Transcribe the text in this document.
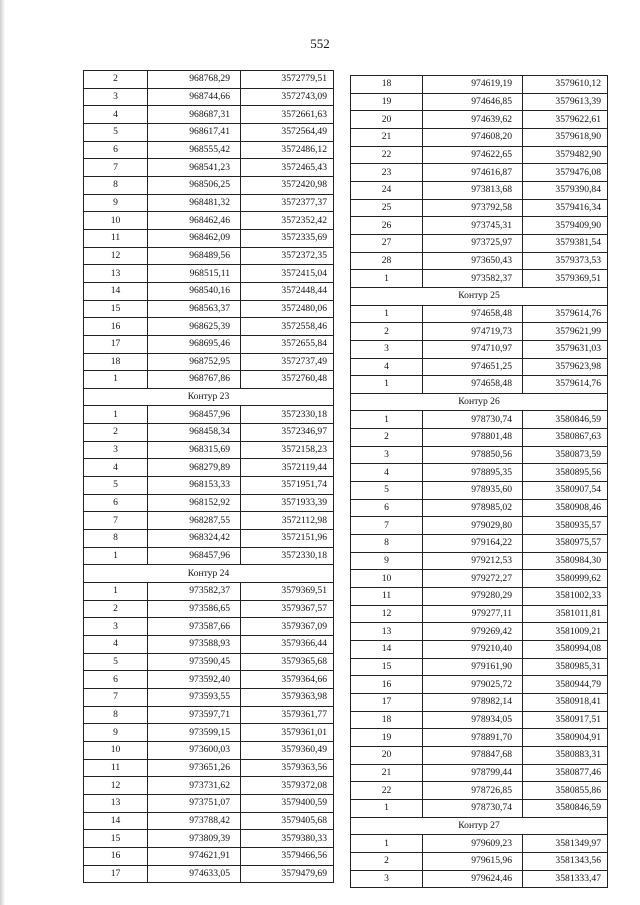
552
2	968768,29	3572779,51
3	968744,66	3572743,09
4	968687,31	3572661,63
5	968617,41	3572564,49
6	968555,42	3572486,12
7	968541,23	3572465,43
8	968506,25	3572420,98
9	968481,32	3572377,37
10	968462,46	3572352,42
11	968462,09	3572335,69
12	968489,56	3572372,35
13	968515,11	3572415,04
14	968540,16	3572448,44
15	968563,37	3572480,06
16	968625,39	3572558,46
17	968695,46	3572655,84
18	968752,95	3572737,49
1	968767,86	3572760,48
Контур 23		
1	968457,96	3572330,18
2	968458,34	3572346,97
3	968315,69	3572158,23
4	968279,89	3572119,44
5	968153,33	3571951,74
6	968152,92	3571933,39
7	968287,55	3572112,98
8	968324,42	3572151,96
1	968457,96	3572330,18
Контур 24		
1	973582,37	3579369,51
2	973586,65	3579367,57
3	973587,66	3579367,09
4	973588,93	3579366,44
5	973590,45	3579365,68
6	973592,40	3579364,66
7	973593,55	3579363,98
8	973597,71	3579361,77
9	973599,15	3579361,01
10	973600,03	3579360,49
11	973651,26	3579363,56
12	973731,62	3579372,08
13	973751,07	3579400,59
14	973788,42	3579405,68
15	973809,39	3579380,33
16	974621,91	3579466,56
17	974633,05	3579479,69
18	974619,19	3579610,12
19	974646,85	3579613,39
20	974639,62	3579622,61
21	974608,20	3579618,90
22	974622,65	3579482,90
23	974616,87	3579476,08
24	973813,68	3579390,84
25	973792,58	3579416,34
26	973745,31	3579409,90
27	973725,97	3579381,54
28	973650,43	3579373,53
1	973582,37	3579369,51
Контур 25		
1	974658,48	3579614,76
2	974719,73	3579621,99
3	974710,97	3579631,03
4	974651,25	3579623,98
1	974658,48	3579614,76
Контур 26		
1	978730,74	3580846,59
2	978801,48	3580867,63
3	978850,56	3580873,59
4	978895,35	3580895,56
5	978935,60	3580907,54
6	978985,02	3580908,46
7	979029,80	3580935,57
8	979164,22	3580975,57
9	979212,53	3580984,30
10	979272,27	3580999,62
11	979280,29	3581002,33
12	979277,11	3581011,81
13	979269,42	3581009,21
14	979210,40	3580994,08
15	979161,90	3580985,31
16	979025,72	3580944,79
17	978982,14	3580918,41
18	978934,05	3580917,51
19	978891,70	3580904,91
20	978847,68	3580883,31
21	978799,44	3580877,46
22	978726,85	3580855,86
1	978730,74	3580846,59
Контур 27		
1	979609,23	3581349,97
2	979615,96	3581343,56
3	979624,46	3581333,47
